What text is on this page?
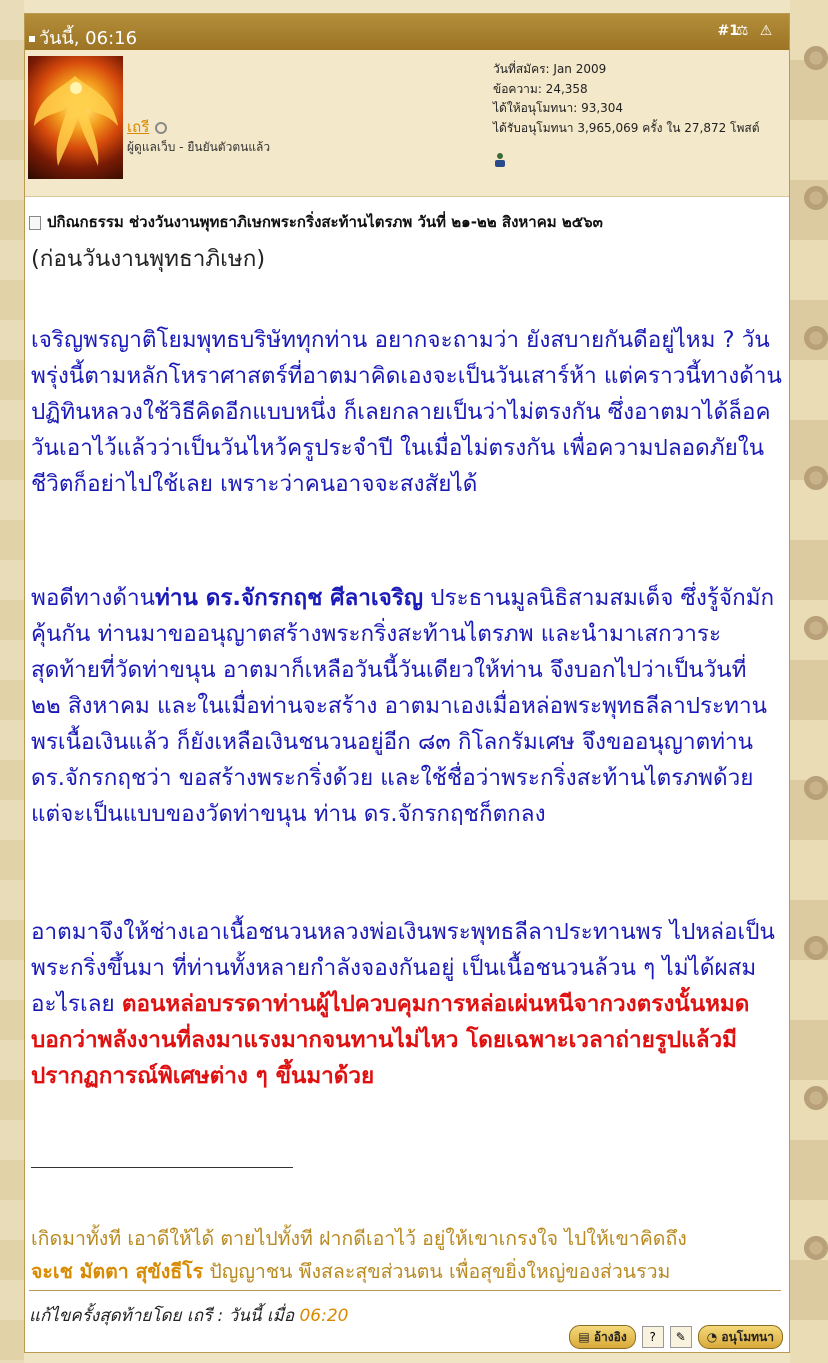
วันนี้, 06:16	#1
⚖ ⚠
เถรี
ผู้ดูแลเว็บ - ยืนยันตัวตนแล้ว
วันที่สมัคร: Jan 2009
ข้อความ: 24,358
ได้ให้อนุโมทนา: 93,304
ได้รับอนุโมทนา 3,965,069 ครั้ง ใน 27,872 โพสต์
ปกิณกธรรม ช่วงวันงานพุทธาภิเษกพระกริ่งสะท้านไตรภพ วันที่ ๒๑-๒๒ สิงหาคม ๒๕๖๓
(ก่อนวันงานพุทธาภิเษก)
เจริญพรญาติโยมพุทธบริษัททุกท่าน อยากจะถามว่า ยังสบายกันดีอยู่ไหม ? วันพรุ่งนี้ตามหลักโหราศาสตร์ที่อาตมาคิดเองจะเป็นวันเสาร์ห้า แต่คราวนี้ทางด้านปฏิทินหลวงใช้วิธีคิดอีกแบบหนึ่ง ก็เลยกลายเป็นว่าไม่ตรงกัน ซึ่งอาตมาได้ล็อควันเอาไว้แล้วว่าเป็นวันไหว้ครูประจำปี ในเมื่อไม่ตรงกัน เพื่อความปลอดภัยในชีวิตก็อย่าไปใช้เลย เพราะว่าคนอาจจะสงสัยได้
พอดีทางด้านท่าน ดร.จักรกฤช ศีลาเจริญ ประธานมูลนิธิสามสมเด็จ ซึ่งรู้จักมักคุ้นกัน ท่านมาขออนุญาตสร้างพระกริ่งสะท้านไตรภพ และนำมาเสกวาระสุดท้ายที่วัดท่าขนุน อาตมาก็เหลือวันนี้วันเดียวให้ท่าน จึงบอกไปว่าเป็นวันที่ ๒๒ สิงหาคม และในเมื่อท่านจะสร้าง อาตมาเองเมื่อหล่อพระพุทธลีลาประทานพรเนื้อเงินแล้ว ก็ยังเหลือเงินชนวนอยู่อีก ๘๓ กิโลกรัมเศษ จึงขออนุญาตท่าน ดร.จักรกฤชว่า ขอสร้างพระกริ่งด้วย และใช้ชื่อว่าพระกริ่งสะท้านไตรภพด้วย แต่จะเป็นแบบของวัดท่าขนุน ท่าน ดร.จักรกฤชก็ตกลง
อาตมาจึงให้ช่างเอาเนื้อชนวนหลวงพ่อเงินพระพุทธลีลาประทานพร ไปหล่อเป็นพระกริ่งขึ้นมา ที่ท่านทั้งหลายกำลังจองกันอยู่ เป็นเนื้อชนวนล้วน ๆ ไม่ได้ผสมอะไรเลย ตอนหล่อบรรดาท่านผู้ไปควบคุมการหล่อเผ่นหนีจากวงตรงนั้นหมด บอกว่าพลังงานที่ลงมาแรงมากจนทานไม่ไหว โดยเฉพาะเวลาถ่ายรูปแล้วมีปรากฏการณ์พิเศษต่าง ๆ ขึ้นมาด้วย
เกิดมาทั้งที เอาดีให้ได้ ตายไปทั้งที ฝากดีเอาไว้ อยู่ให้เขาเกรงใจ ไปให้เขาคิดถึง
จะเช มัตตา สุขังธีโร ปัญญาชน พึงสละสุขส่วนตน เพื่อสุขยิ่งใหญ่ของส่วนรวม
แก้ไขครั้งสุดท้ายโดย เถรี : วันนี้ เมื่อ 06:20
▤ อ้างอิง	?	✎	◔ อนุโมทนา
